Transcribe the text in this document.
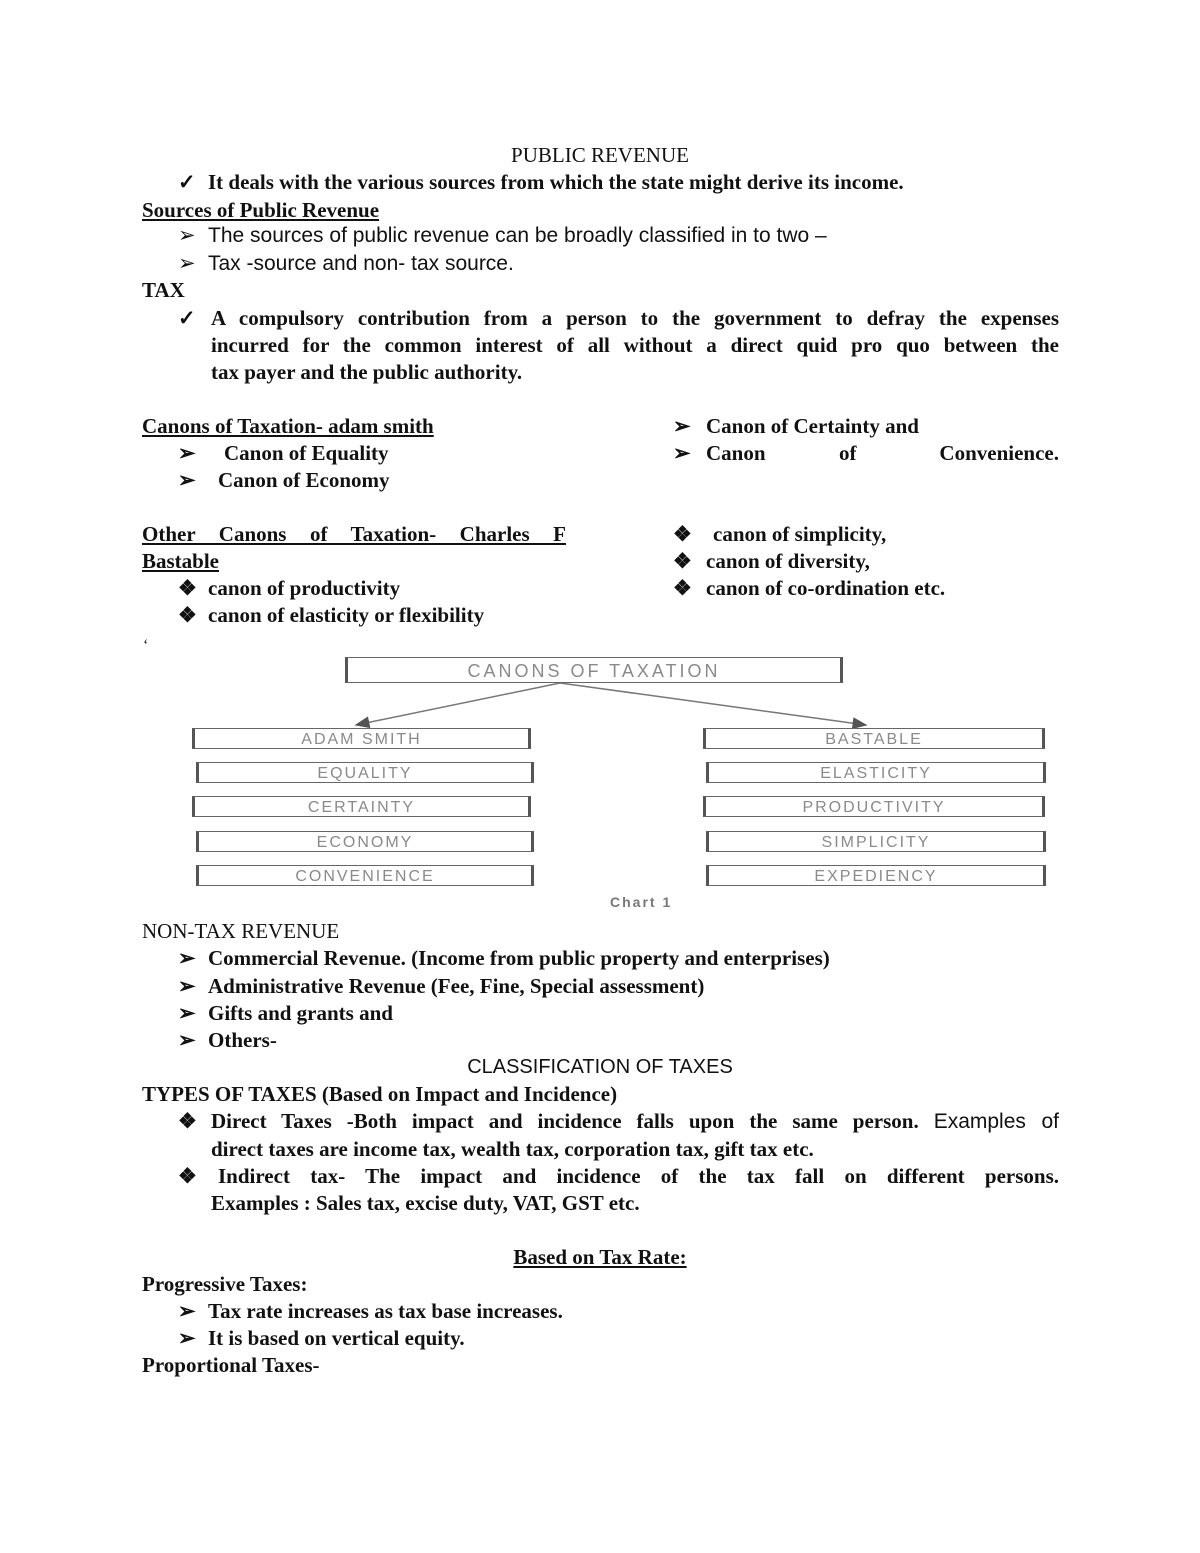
PUBLIC REVENUE
✓ It deals with the various sources from which the state might derive its income.
Sources of Public Revenue
➢ The sources of public revenue can be broadly classified in to two –
➢ Tax -source and non- tax source.
TAX
✓ A compulsory contribution from a person to the government to defray the expenses
incurred for the common interest of all without a direct quid pro quo between the
tax payer and the public authority.
Canons of Taxation- adam smith
➢ Canon of Equality
➢ Canon of Economy
➢ Canon of Certainty and
➢ Canon	of	Convenience.
Other Canons of Taxation- Charles F
Bastable
❖ canon of productivity
❖ canon of elasticity or flexibility
❖ canon of simplicity,
❖ canon of diversity,
❖ canon of co-ordination etc.
‘
CANONS OF TAXATION
ADAM SMITH
EQUALITY
CERTAINTY
ECONOMY
CONVENIENCE
BASTABLE
ELASTICITY
PRODUCTIVITY
SIMPLICITY
EXPEDIENCY
Chart 1
NON-TAX REVENUE
➢ Commercial Revenue. (Income from public property and enterprises)
➢ Administrative Revenue (Fee, Fine, Special assessment)
➢ Gifts and grants and
➢ Others-
CLASSIFICATION OF TAXES
TYPES OF TAXES (Based on Impact and Incidence)
❖ Direct Taxes -Both impact and incidence falls upon the same person. Examples of
direct taxes are income tax, wealth tax, corporation tax, gift tax etc.
❖ Indirect tax- The impact and incidence of the tax fall on different persons.
Examples : Sales tax, excise duty, VAT, GST etc.
Based on Tax Rate:
Progressive Taxes:
➢ Tax rate increases as tax base increases.
➢ It is based on vertical equity.
Proportional Taxes-
